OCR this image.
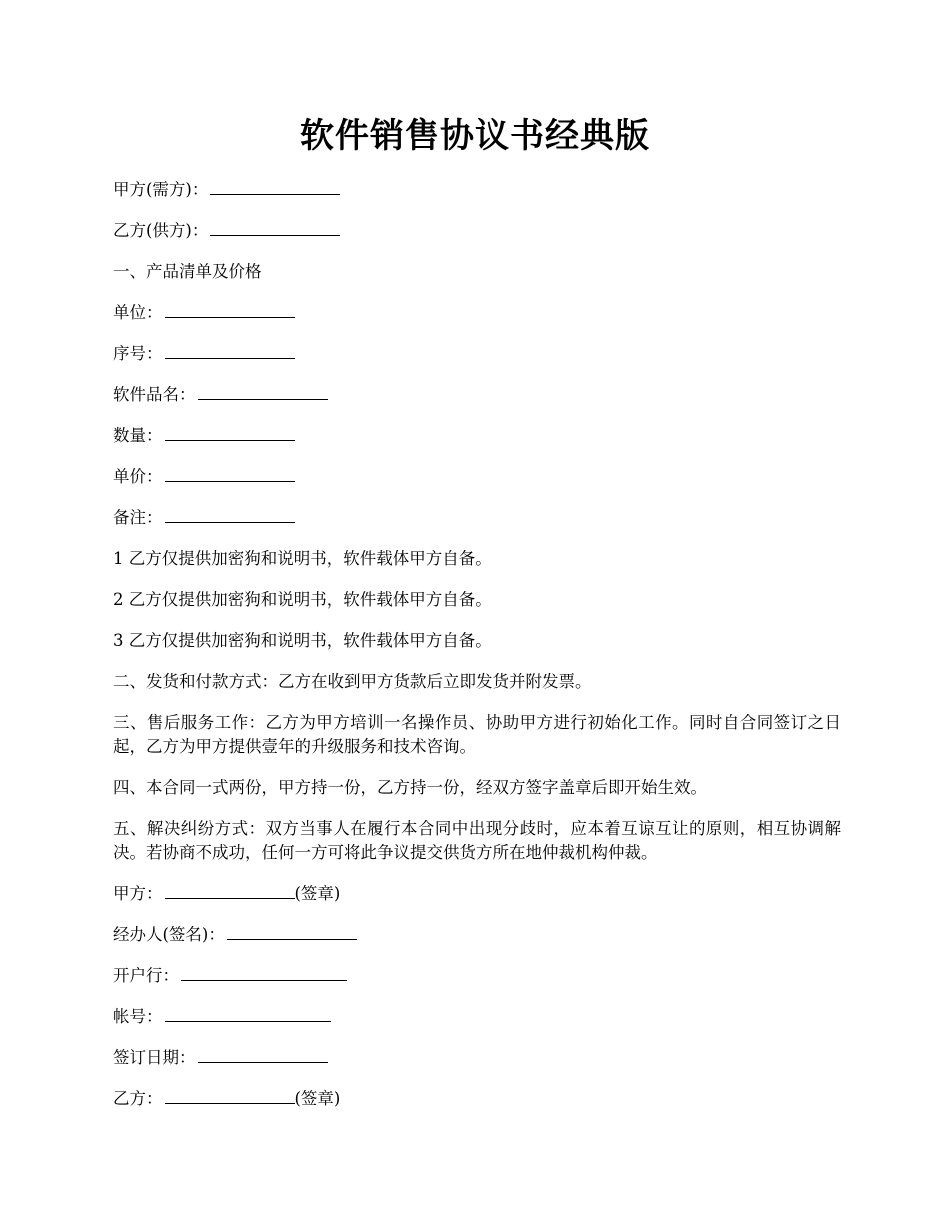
软件销售协议书经典版

甲方(需方)：

乙方(供方)：

一、产品清单及价格

单位：

序号：

软件品名：

数量：

单价：

备注：

1 乙方仅提供加密狗和说明书，软件载体甲方自备。

2 乙方仅提供加密狗和说明书，软件载体甲方自备。

3 乙方仅提供加密狗和说明书，软件载体甲方自备。

二、发货和付款方式：乙方在收到甲方货款后立即发货并附发票。

三、售后服务工作：乙方为甲方培训一名操作员、协助甲方进行初始化工作。同时自合同签订之日起，乙方为甲方提供壹年的升级服务和技术咨询。

四、本合同一式两份，甲方持一份，乙方持一份，经双方签字盖章后即开始生效。

五、解决纠纷方式：双方当事人在履行本合同中出现分歧时，应本着互谅互让的原则，相互协调解决。若协商不成功，任何一方可将此争议提交供货方所在地仲裁机构仲裁。

甲方：	(签章)

经办人(签名)：

开户行：

帐号：

签订日期：

乙方：	(签章)
